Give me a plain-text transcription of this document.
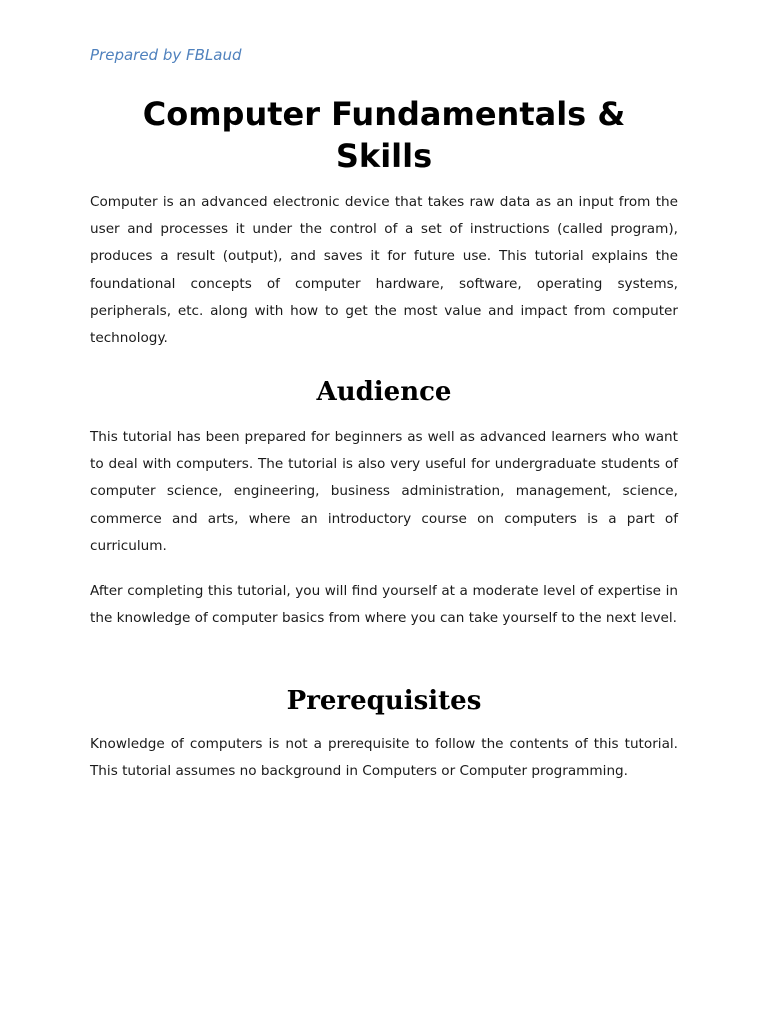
Prepared by FBLaud
Computer Fundamentals & Skills

Computer is an advanced electronic device that takes raw data as an input from the user and processes it under the control of a set of instructions (called program), produces a result (output), and saves it for future use. This tutorial explains the foundational concepts of computer hardware, software, operating systems, peripherals, etc. along with how to get the most value and impact from computer technology.

Audience

This tutorial has been prepared for beginners as well as advanced learners who want to deal with computers. The tutorial is also very useful for undergraduate students of computer science, engineering, business administration, management, science, commerce and arts, where an introductory course on computers is a part of curriculum.

After completing this tutorial, you will find yourself at a moderate level of expertise in the knowledge of computer basics from where you can take yourself to the next level.

Prerequisites

Knowledge of computers is not a prerequisite to follow the contents of this tutorial. This tutorial assumes no background in Computers or Computer programming.
